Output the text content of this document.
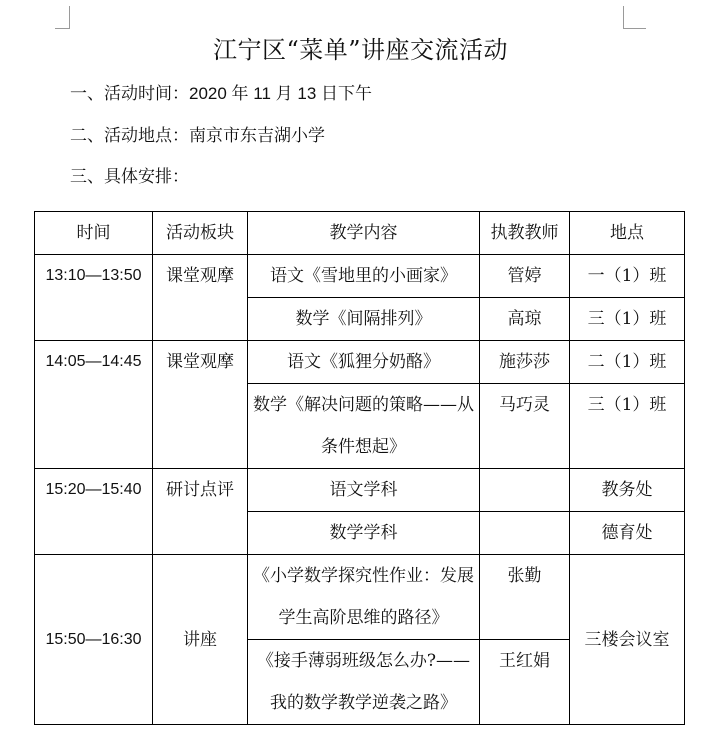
江宁区“菜单”讲座交流活动
一、活动时间：2020 年 11 月 13 日下午
二、活动地点：南京市东吉湖小学
三、具体安排：
时间	活动板块	教学内容	执教教师	地点
13:10—13:50	课堂观摩	语文《雪地里的小画家》	管婷	一（1）班
		数学《间隔排列》	高琼	三（1）班
14:05—14:45	课堂观摩	语文《狐狸分奶酪》	施莎莎	二（1）班
		数学《解决问题的策略——从条件想起》	马巧灵	三（1）班
15:20—15:40	研讨点评	语文学科		教务处
		数学学科		德育处
15:50—16:30	讲座	《小学数学探究性作业：发展学生高阶思维的路径》	张勤	三楼会议室
		《接手薄弱班级怎么办?——我的数学教学逆袭之路》	王红娟	
